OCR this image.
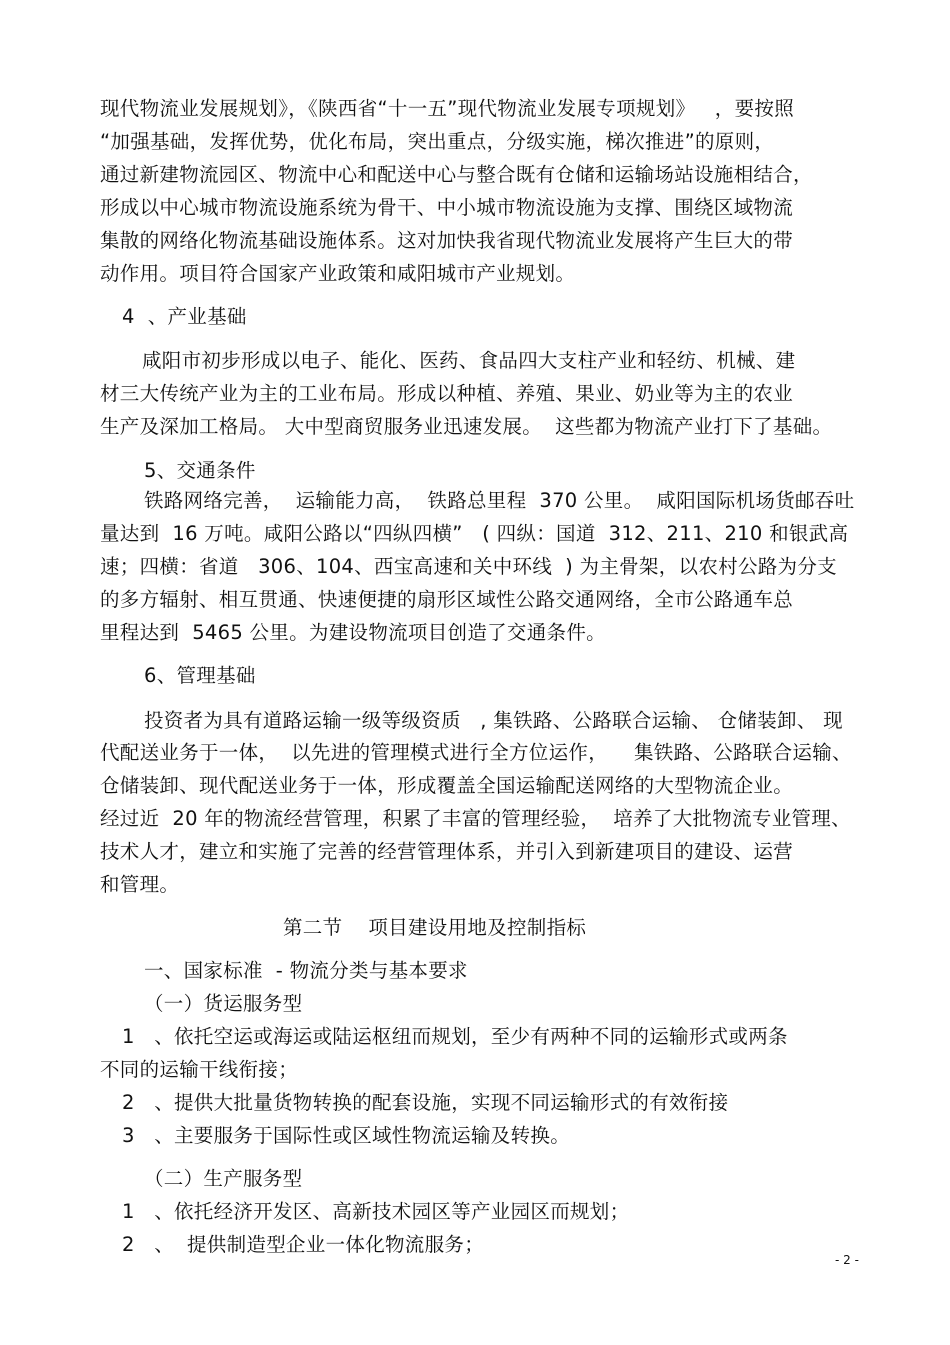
现代物流业发展规划》，《陕西省“十一五”现代物流业发展专项规划》   ，要按照
“加强基础，发挥优势，优化布局，突出重点，分级实施，梯次推进”的原则，
通过新建物流园区、物流中心和配送中心与整合既有仓储和运输场站设施相结合，
形成以中心城市物流设施系统为骨干、中小城市物流设施为支撑、围绕区域物流
集散的网络化物流基础设施体系。这对加快我省现代物流业发展将产生巨大的带
动作用。项目符合国家产业政策和咸阳城市产业规划。
4  、产业基础
咸阳市初步形成以电子、能化、医药、食品四大支柱产业和轻纺、机械、建
材三大传统产业为主的工业布局。形成以种植、养殖、果业、奶业等为主的农业
生产及深加工格局。 大中型商贸服务业迅速发展。  这些都为物流产业打下了基础。
5、交通条件
铁路网络完善，  运输能力高，  铁路总里程  370 公里。  咸阳国际机场货邮吞吐
量达到  16 万吨。咸阳公路以“四纵四横”   ( 四纵：国道  312、211、210 和银武高
速；四横：省道   306、104、西宝高速和关中环线  ) 为主骨架，以农村公路为分支
的多方辐射、相互贯通、快速便捷的扇形区域性公路交通网络，全市公路通车总
里程达到  5465 公里。为建设物流项目创造了交通条件。
6、管理基础
投资者为具有道路运输一级等级资质   , 集铁路、公路联合运输、 仓储装卸、 现
代配送业务于一体，  以先进的管理模式进行全方位运作，    集铁路、公路联合运输、
仓储装卸、现代配送业务于一体，形成覆盖全国运输配送网络的大型物流企业。
经过近  20 年的物流经营管理，积累了丰富的管理经验，  培养了大批物流专业管理、
技术人才，建立和实施了完善的经营管理体系，并引入到新建项目的建设、运营
和管理。
第二节    项目建设用地及控制指标
一、国家标准  - 物流分类与基本要求
（一）货运服务型
1   、依托空运或海运或陆运枢纽而规划，至少有两种不同的运输形式或两条
不同的运输干线衔接；
2   、提供大批量货物转换的配套设施，实现不同运输形式的有效衔接
3   、主要服务于国际性或区域性物流运输及转换。
（二）生产服务型
1   、依托经济开发区、高新技术园区等产业园区而规划；
2   、  提供制造型企业一体化物流服务；
- 2 -
